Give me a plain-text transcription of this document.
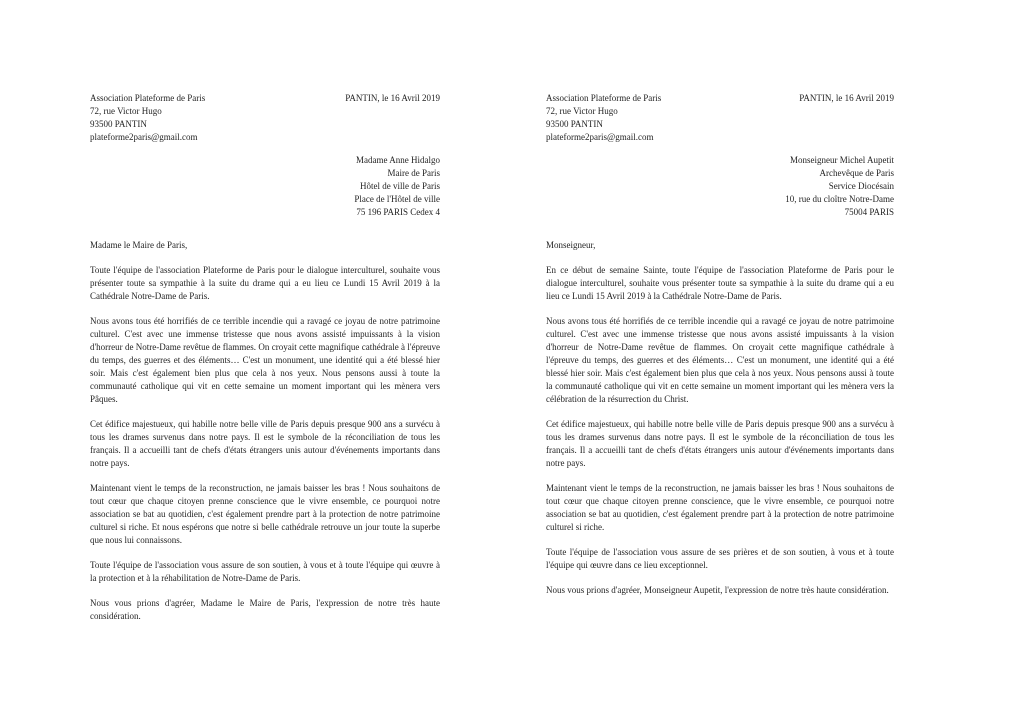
Association Plateforme de Paris
72, rue Victor Hugo
93500 PANTIN
plateforme2paris@gmail.com
PANTIN, le 16 Avril 2019
Madame Anne Hidalgo
Maire de Paris
Hôtel de ville de Paris
Place de l'Hôtel de ville
75 196 PARIS Cedex 4
Madame le Maire de Paris,

Toute l'équipe de l'association Plateforme de Paris pour le dialogue interculturel, souhaite vous présenter toute sa sympathie à la suite du drame qui a eu lieu ce Lundi 15 Avril 2019 à la Cathédrale Notre-Dame de Paris.

Nous avons tous été horrifiés de ce terrible incendie qui a ravagé ce joyau de notre patrimoine culturel. C'est avec une immense tristesse que nous avons assisté impuissants à la vision d'horreur de Notre-Dame revêtue de flammes. On croyait cette magnifique cathédrale à l'épreuve du temps, des guerres et des éléments… C'est un monument, une identité qui a été blessé hier soir. Mais c'est également bien plus que cela à nos yeux. Nous pensons aussi à toute la communauté catholique qui vit en cette semaine un moment important qui les mènera vers Pâques.

Cet édifice majestueux, qui habille notre belle ville de Paris depuis presque 900 ans a survécu à tous les drames survenus dans notre pays. Il est le symbole de la réconciliation de tous les français. Il a accueilli tant de chefs d'états étrangers unis autour d'événements importants dans notre pays.

Maintenant vient le temps de la reconstruction, ne jamais baisser les bras ! Nous souhaitons de tout cœur que chaque citoyen prenne conscience que le vivre ensemble, ce pourquoi notre association se bat au quotidien, c'est également prendre part à la protection de notre patrimoine culturel si riche. Et nous espérons que notre si belle cathédrale retrouve un jour toute la superbe que nous lui connaissons.

Toute l'équipe de l'association vous assure de son soutien, à vous et à toute l'équipe qui œuvre à la protection et à la réhabilitation de Notre-Dame de Paris.

Nous vous prions d'agréer, Madame le Maire de Paris, l'expression de notre très haute considération.

Association Plateforme de Paris
72, rue Victor Hugo
93500 PANTIN
plateforme2paris@gmail.com
PANTIN, le 16 Avril 2019
Monseigneur Michel Aupetit
Archevêque de Paris
Service Diocésain
10, rue du cloître Notre-Dame
75004 PARIS
Monseigneur,

En ce début de semaine Sainte, toute l'équipe de l'association Plateforme de Paris pour le dialogue interculturel, souhaite vous présenter toute sa sympathie à la suite du drame qui a eu lieu ce Lundi 15 Avril 2019 à la Cathédrale Notre-Dame de Paris.

Nous avons tous été horrifiés de ce terrible incendie qui a ravagé ce joyau de notre patrimoine culturel. C'est avec une immense tristesse que nous avons assisté impuissants à la vision d'horreur de Notre-Dame revêtue de flammes. On croyait cette magnifique cathédrale à l'épreuve du temps, des guerres et des éléments… C'est un monument, une identité qui a été blessé hier soir. Mais c'est également bien plus que cela à nos yeux. Nous pensons aussi à toute la communauté catholique qui vit en cette semaine un moment important qui les mènera vers la célébration de la résurrection du Christ.

Cet édifice majestueux, qui habille notre belle ville de Paris depuis presque 900 ans a survécu à tous les drames survenus dans notre pays. Il est le symbole de la réconciliation de tous les français. Il a accueilli tant de chefs d'états étrangers unis autour d'événements importants dans notre pays.

Maintenant vient le temps de la reconstruction, ne jamais baisser les bras ! Nous souhaitons de tout cœur que chaque citoyen prenne conscience, que le vivre ensemble, ce pourquoi notre association se bat au quotidien, c'est également prendre part à la protection de notre patrimoine culturel si riche.

Toute l'équipe de l'association vous assure de ses prières et de son soutien, à vous et à toute l'équipe qui œuvre dans ce lieu exceptionnel.

Nous vous prions d'agréer, Monseigneur Aupetit, l'expression de notre très haute considération.
